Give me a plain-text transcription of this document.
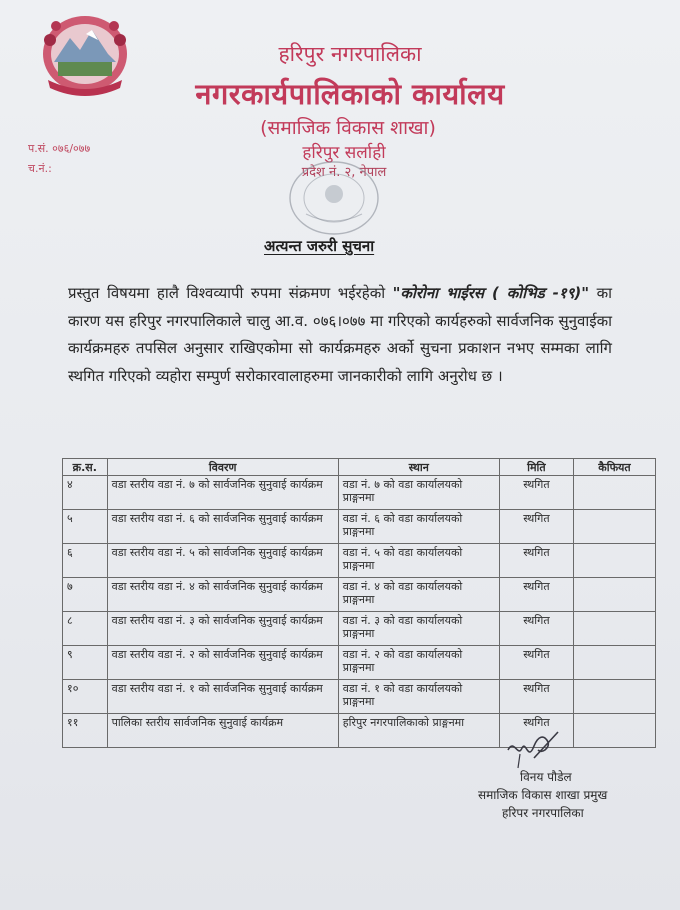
हरिपुर नगरपालिका
नगरकार्यपालिकाको कार्यालय
(समाजिक विकास शाखा)
हरिपुर सर्लाही
प्रदेश नं. २, नेपाल
प.सं. ०७६/०७७
च.नं.:
अत्यन्त जरुरी सुचना
प्रस्तुत विषयमा हालै विश्वव्यापी रुपमा संक्रमण भईरहेको "कोरोना भाईरस ( कोभिड -१९)" का कारण यस हरिपुर नगरपालिकाले चालु आ.व. ०७६।०७७ मा गरिएको कार्यहरुको सार्वजनिक सुनुवाईका कार्यक्रमहरु तपसिल अनुसार राखिएकोमा सो कार्यक्रमहरु अर्को सुचना प्रकाशन नभए सम्मका लागि स्थगित गरिएको व्यहोरा सम्पुर्ण सरोकारवालाहरुमा जानकारीको लागि अनुरोध छ ।
क्र.स.	विवरण	स्थान	मिति	कैफियत
४	वडा स्तरीय वडा नं. ७ को सार्वजनिक सुनुवाई कार्यक्रम	वडा नं. ७ को वडा कार्यालयको प्राङ्गनमा	स्थगित	
५	वडा स्तरीय वडा नं. ६ को सार्वजनिक सुनुवाई कार्यक्रम	वडा नं. ६ को वडा कार्यालयको प्राङ्गनमा	स्थगित	
६	वडा स्तरीय वडा नं. ५ को सार्वजनिक सुनुवाई कार्यक्रम	वडा नं. ५ को वडा कार्यालयको प्राङ्गनमा	स्थगित	
७	वडा स्तरीय वडा नं. ४ को सार्वजनिक सुनुवाई कार्यक्रम	वडा नं. ४ को वडा कार्यालयको प्राङ्गनमा	स्थगित	
८	वडा स्तरीय वडा नं. ३ को सार्वजनिक सुनुवाई कार्यक्रम	वडा नं. ३ को वडा कार्यालयको प्राङ्गनमा	स्थगित	
९	वडा स्तरीय वडा नं. २ को सार्वजनिक सुनुवाई कार्यक्रम	वडा नं. २ को वडा कार्यालयको प्राङ्गनमा	स्थगित	
१०	वडा स्तरीय वडा नं. १ को सार्वजनिक सुनुवाई कार्यक्रम	वडा नं. १ को वडा कार्यालयको प्राङ्गनमा	स्थगित	
११	पालिका स्तरीय सार्वजनिक सुनुवाई कार्यक्रम	हरिपुर नगरपालिकाको प्राङ्गनमा	स्थगित	
विनय पौडेल
समाजिक विकास शाखा प्रमुख
हरिपर नगरपालिका
